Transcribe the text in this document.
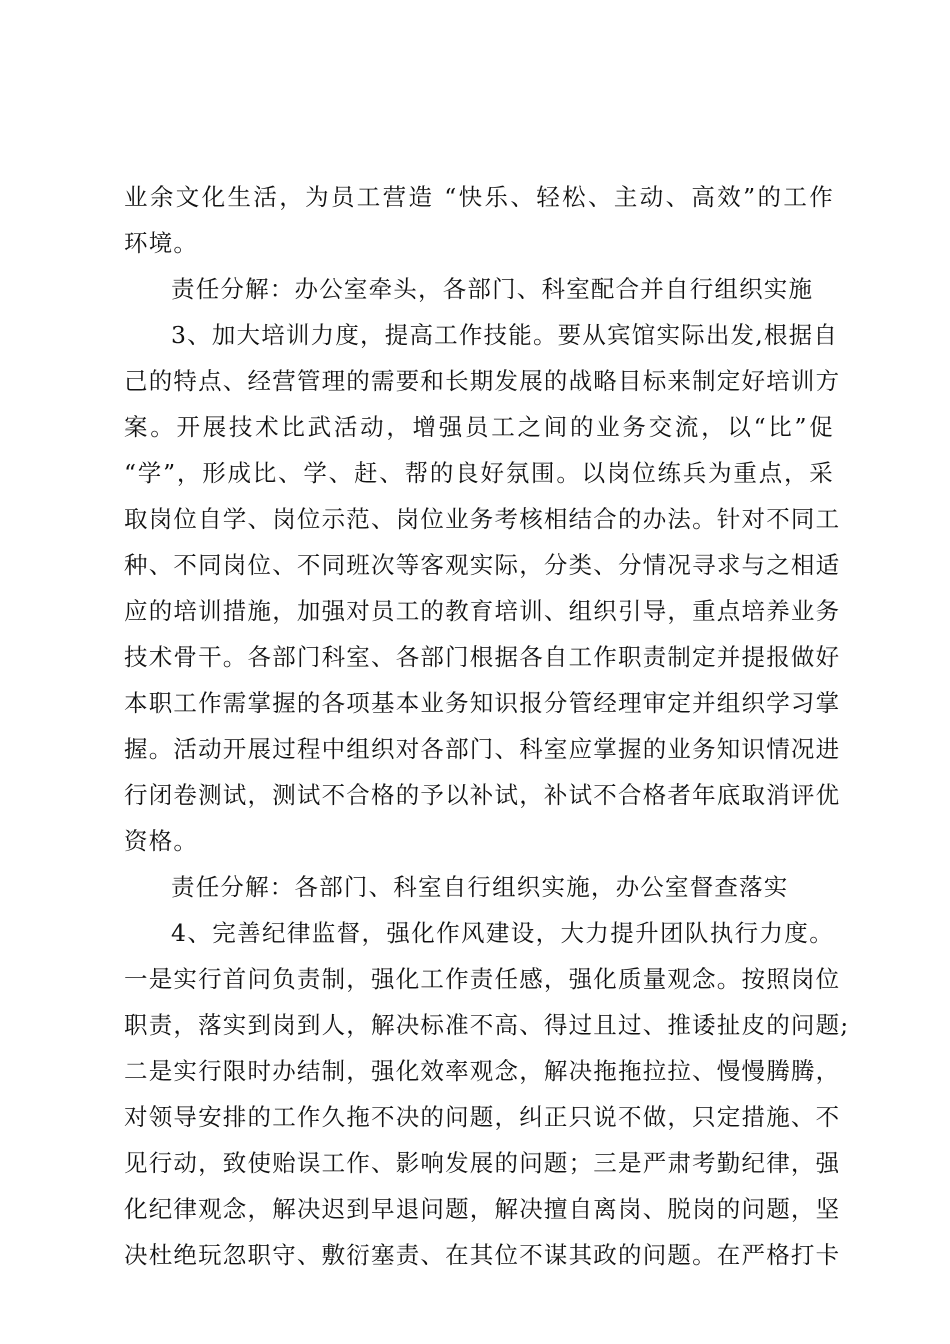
业余文化生活，为员工营造 “快乐、轻松、主动、高效”的工作
环境。
责任分解：办公室牵头，各部门、科室配合并自行组织实施
3、加大培训力度，提高工作技能。要从宾馆实际出发,根据自
己的特点、经营管理的需要和长期发展的战略目标来制定好培训方
案。开展技术比武活动，增强员工之间的业务交流，以“比”促
“学”，形成比、学、赶、帮的良好氛围。以岗位练兵为重点，采
取岗位自学、岗位示范、岗位业务考核相结合的办法。针对不同工
种、不同岗位、不同班次等客观实际，分类、分情况寻求与之相适
应的培训措施，加强对员工的教育培训、组织引导，重点培养业务
技术骨干。各部门科室、各部门根据各自工作职责制定并提报做好
本职工作需掌握的各项基本业务知识报分管经理审定并组织学习掌
握。活动开展过程中组织对各部门、科室应掌握的业务知识情况进
行闭卷测试，测试不合格的予以补试，补试不合格者年底取消评优
资格。
责任分解：各部门、科室自行组织实施，办公室督查落实
4、完善纪律监督，强化作风建设，大力提升团队执行力度。
一是实行首问负责制，强化工作责任感，强化质量观念。按照岗位
职责，落实到岗到人，解决标准不高、得过且过、推诿扯皮的问题;
二是实行限时办结制，强化效率观念，解决拖拖拉拉、慢慢腾腾，
对领导安排的工作久拖不决的问题，纠正只说不做，只定措施、不
见行动，致使贻误工作、影响发展的问题；三是严肃考勤纪律，强
化纪律观念，解决迟到早退问题，解决擅自离岗、脱岗的问题，坚
决杜绝玩忽职守、敷衍塞责、在其位不谋其政的问题。在严格打卡
